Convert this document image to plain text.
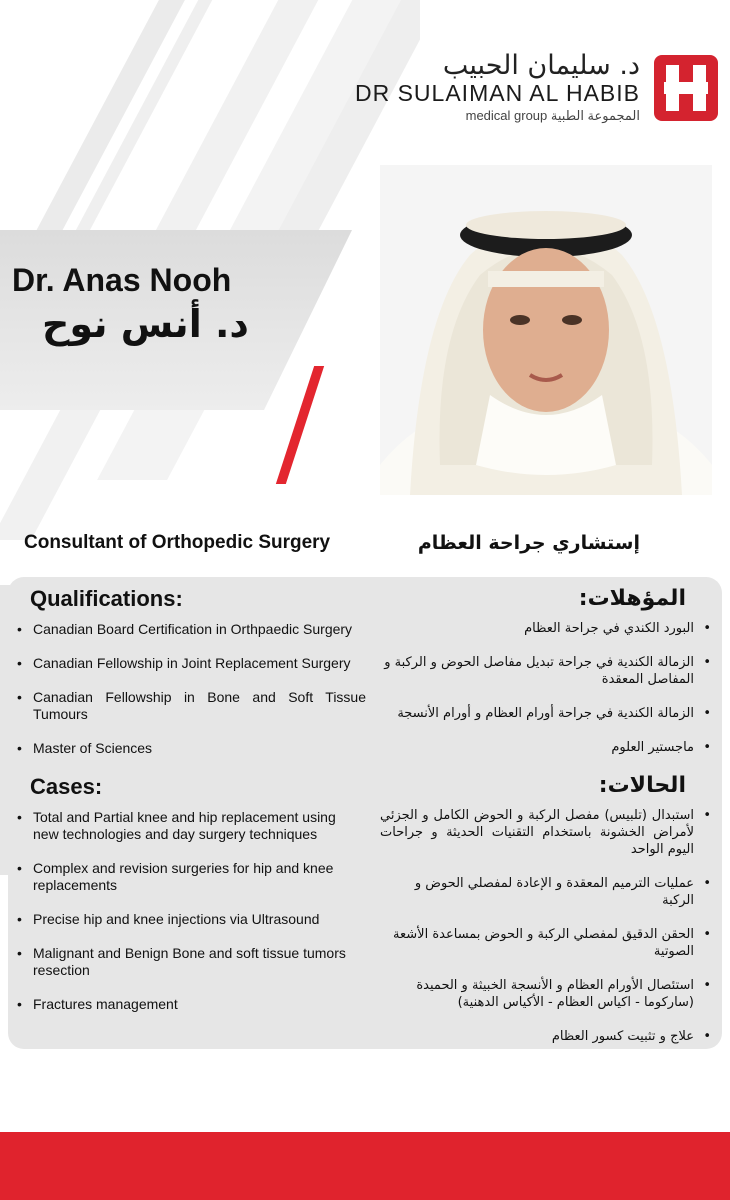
د. سليمان الحبيب
DR SULAIMAN AL HABIB
medical group المجموعة الطبية
Dr. Anas Nooh
د. أنس نوح
Consultant of Orthopedic Surgery	إستشاري جراحة العظام
Qualifications:
• Canadian Board Certification in Orthpaedic Surgery
• Canadian Fellowship in Joint Replacement Surgery
• Canadian Fellowship in Bone and Soft Tissue Tumours
• Master of Sciences
Cases:
• Total and Partial knee and hip replacement using new technologies and day surgery techniques
• Complex and revision surgeries for hip and knee replacements
• Precise hip and knee injections via Ultrasound
• Malignant and Benign Bone and soft tissue tumors resection
• Fractures management
المؤهلات:
• البورد الكندي في جراحة العظام
• الزمالة الكندية في جراحة تبديل مفاصل الحوض و الركبة و المفاصل المعقدة
• الزمالة الكندية في جراحة أورام العظام و أورام الأنسجة
• ماجستير العلوم
الحالات:
• استبدال (تلبيس) مفصل الركبة و الحوض الكامل و الجزئي لأمراض الخشونة باستخدام التقنيات الحديثة و جراحات اليوم الواحد
• عمليات الترميم المعقدة و الإعادة لمفصلي الحوض و الركبة
• الحقن الدقيق لمفصلي الركبة و الحوض بمساعدة الأشعة الصوتية
• استئصال الأورام العظام و الأنسجة الخبيثة و الحميدة (ساركوما - اكياس العظام - الأكياس الدهنية)
• علاج و تثبيت كسور العظام
